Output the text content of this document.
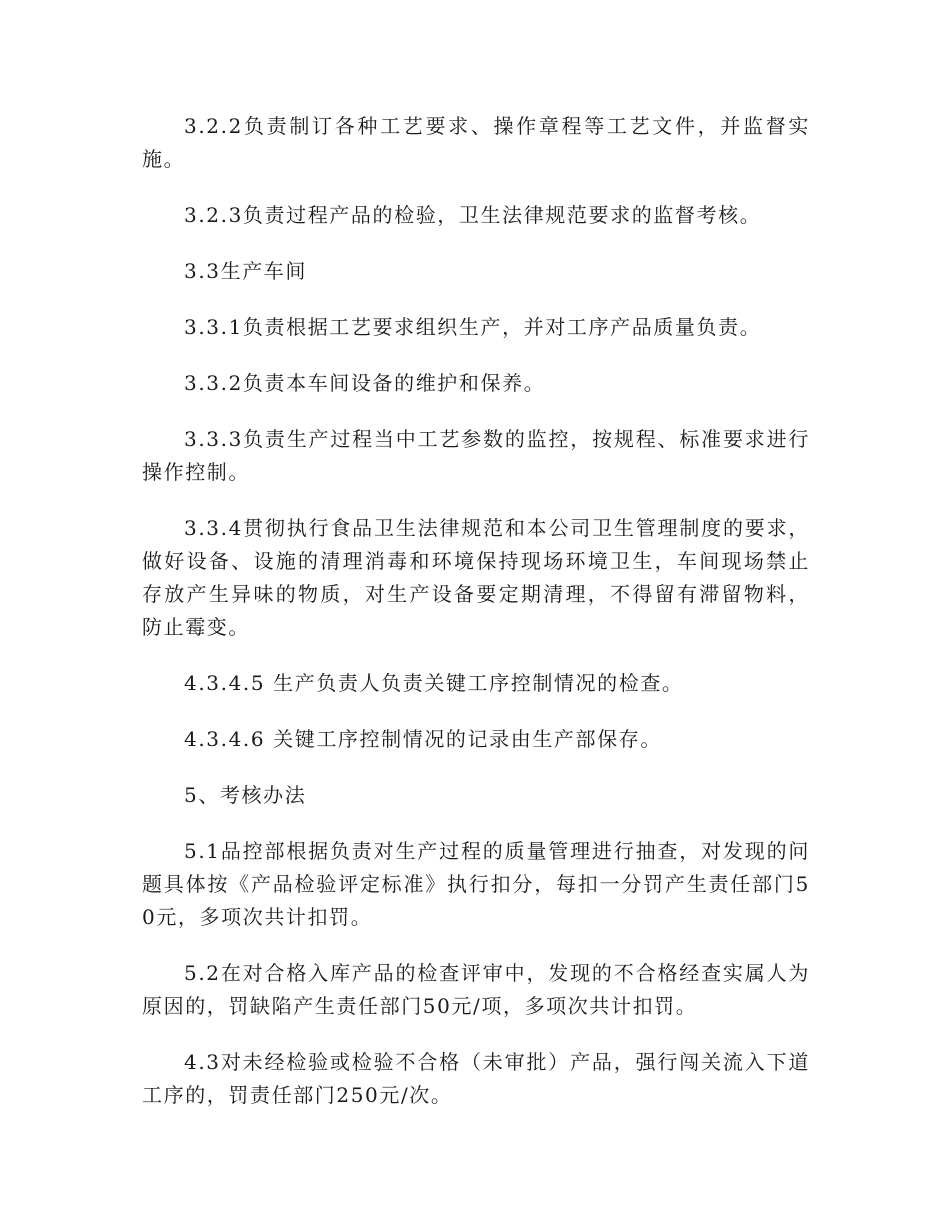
3.2.2负责制订各种工艺要求、操作章程等工艺文件，并监督实施。

3.2.3负责过程产品的检验，卫生法律规范要求的监督考核。

3.3生产车间

3.3.1负责根据工艺要求组织生产，并对工序产品质量负责。

3.3.2负责本车间设备的维护和保养。

3.3.3负责生产过程当中工艺参数的监控，按规程、标准要求进行操作控制。

3.3.4贯彻执行食品卫生法律规范和本公司卫生管理制度的要求，做好设备、设施的清理消毒和环境保持现场环境卫生，车间现场禁止存放产生异味的物质，对生产设备要定期清理，不得留有滞留物料，防止霉变。

4.3.4.5 生产负责人负责关键工序控制情况的检查。

4.3.4.6 关键工序控制情况的记录由生产部保存。

5、考核办法

5.1品控部根据负责对生产过程的质量管理进行抽查，对发现的问题具体按《产品检验评定标准》执行扣分，每扣一分罚产生责任部门50元，多项次共计扣罚。

5.2在对合格入库产品的检查评审中，发现的不合格经查实属人为原因的，罚缺陷产生责任部门50元/项，多项次共计扣罚。

4.3对未经检验或检验不合格（未审批）产品，强行闯关流入下道工序的，罚责任部门250元/次。
